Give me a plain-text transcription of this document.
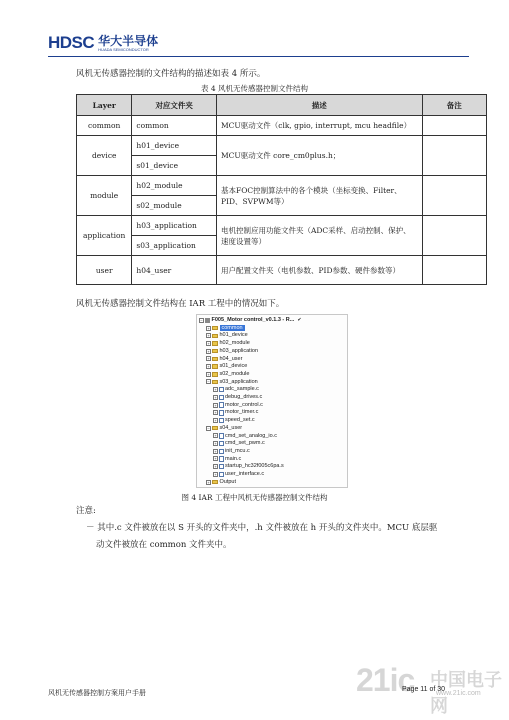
HDSC 华大半导体
HUADA SEMICONDUCTOR
风机无传感器控制的文件结构的描述如表 4 所示。
表 4 风机无传感器控制文件结构
Layer	对应文件夹	描述	备注
common	common	MCU驱动文件（clk, gpio, interrupt, mcu headfile）	
device	h01_device	MCU驱动文件 core_cm0plus.h；	
	s01_device		
module	h02_module	基本FOC控制算法中的各个模块（坐标变换、Filter、PID、SVPWM等）	
	s02_module		
application	h03_application	电机控制应用功能文件夹（ADC采样、启动控制、保护、速度设置等）	
	s03_application		
user	h04_user	用户配置文件夹（电机参数、PID参数、硬件参数等）	
风机无传感器控制文件结构在 IAR 工程中的情况如下。
− F005_Motor control_v0.1.3 - R... ✔
+	common
+ h01_device
+ h02_module
+ h03_application
+ h04_user
+ s01_device
+ s02_module
− s03_application
+ adc_sample.c
+ debug_drives.c
+ motor_control.c
+ motor_timer.c
+ speed_set.c
− s04_user
+ cmd_set_analog_io.c
+ cmd_set_pwm.c
+ init_mcu.c
+ main.c
+ startup_hc32f005c6pa.s
+ user_interface.c
+ Output
图 4 IAR 工程中风机无传感器控制文件结构
注意:
－ 其中.c 文件被放在以 S 开头的文件夹中，.h 文件被放在 h 开头的文件夹中。MCU 底层驱
动文件被放在 common 文件夹中。
21ic 中国电子网
www.21ic.com
风机无传感器控制方案用户手册	Page 11 of 30
